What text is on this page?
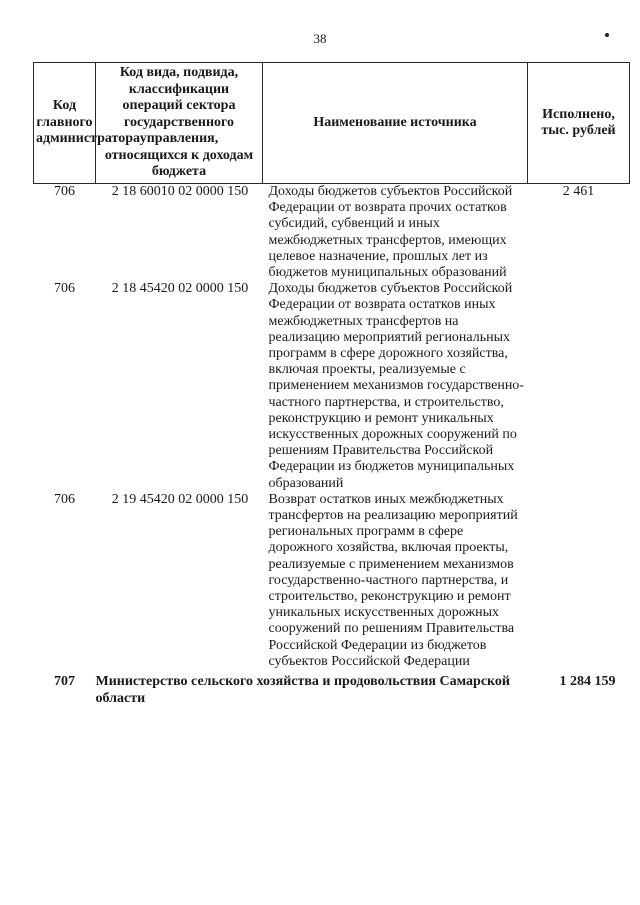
38
Код главного администратора	Код вида, подвида, классификации операций сектора государственного управления, относящихся к доходам бюджета	Наименование источника	Исполнено, тыс. рублей
706	2 18 60010 02 0000 150	Доходы бюджетов субъектов Российской Федерации от возврата прочих остатков субсидий, субвенций и иных межбюджетных трансфертов, имеющих целевое назначение, прошлых лет из бюджетов муниципальных образований	2 461
706	2 18 45420 02 0000 150	Доходы бюджетов субъектов Российской Федерации от возврата остатков иных межбюджетных трансфертов на реализацию мероприятий региональных программ в сфере дорожного хозяйства, включая проекты, реализуемые с применением механизмов государственно-частного партнерства, и строительство, реконструкцию и ремонт уникальных искусственных дорожных сооружений по решениям Правительства Российской Федерации из бюджетов муниципальных образований	
706	2 19 45420 02 0000 150	Возврат остатков иных межбюджетных трансфертов на реализацию мероприятий региональных программ в сфере дорожного хозяйства, включая проекты, реализуемые с применением механизмов государственно-частного партнерства, и строительство, реконструкцию и ремонт уникальных искусственных дорожных сооружений по решениям Правительства Российской Федерации из бюджетов субъектов Российской Федерации	
707	Министерство сельского хозяйства и продовольствия Самарской области		1 284 159
